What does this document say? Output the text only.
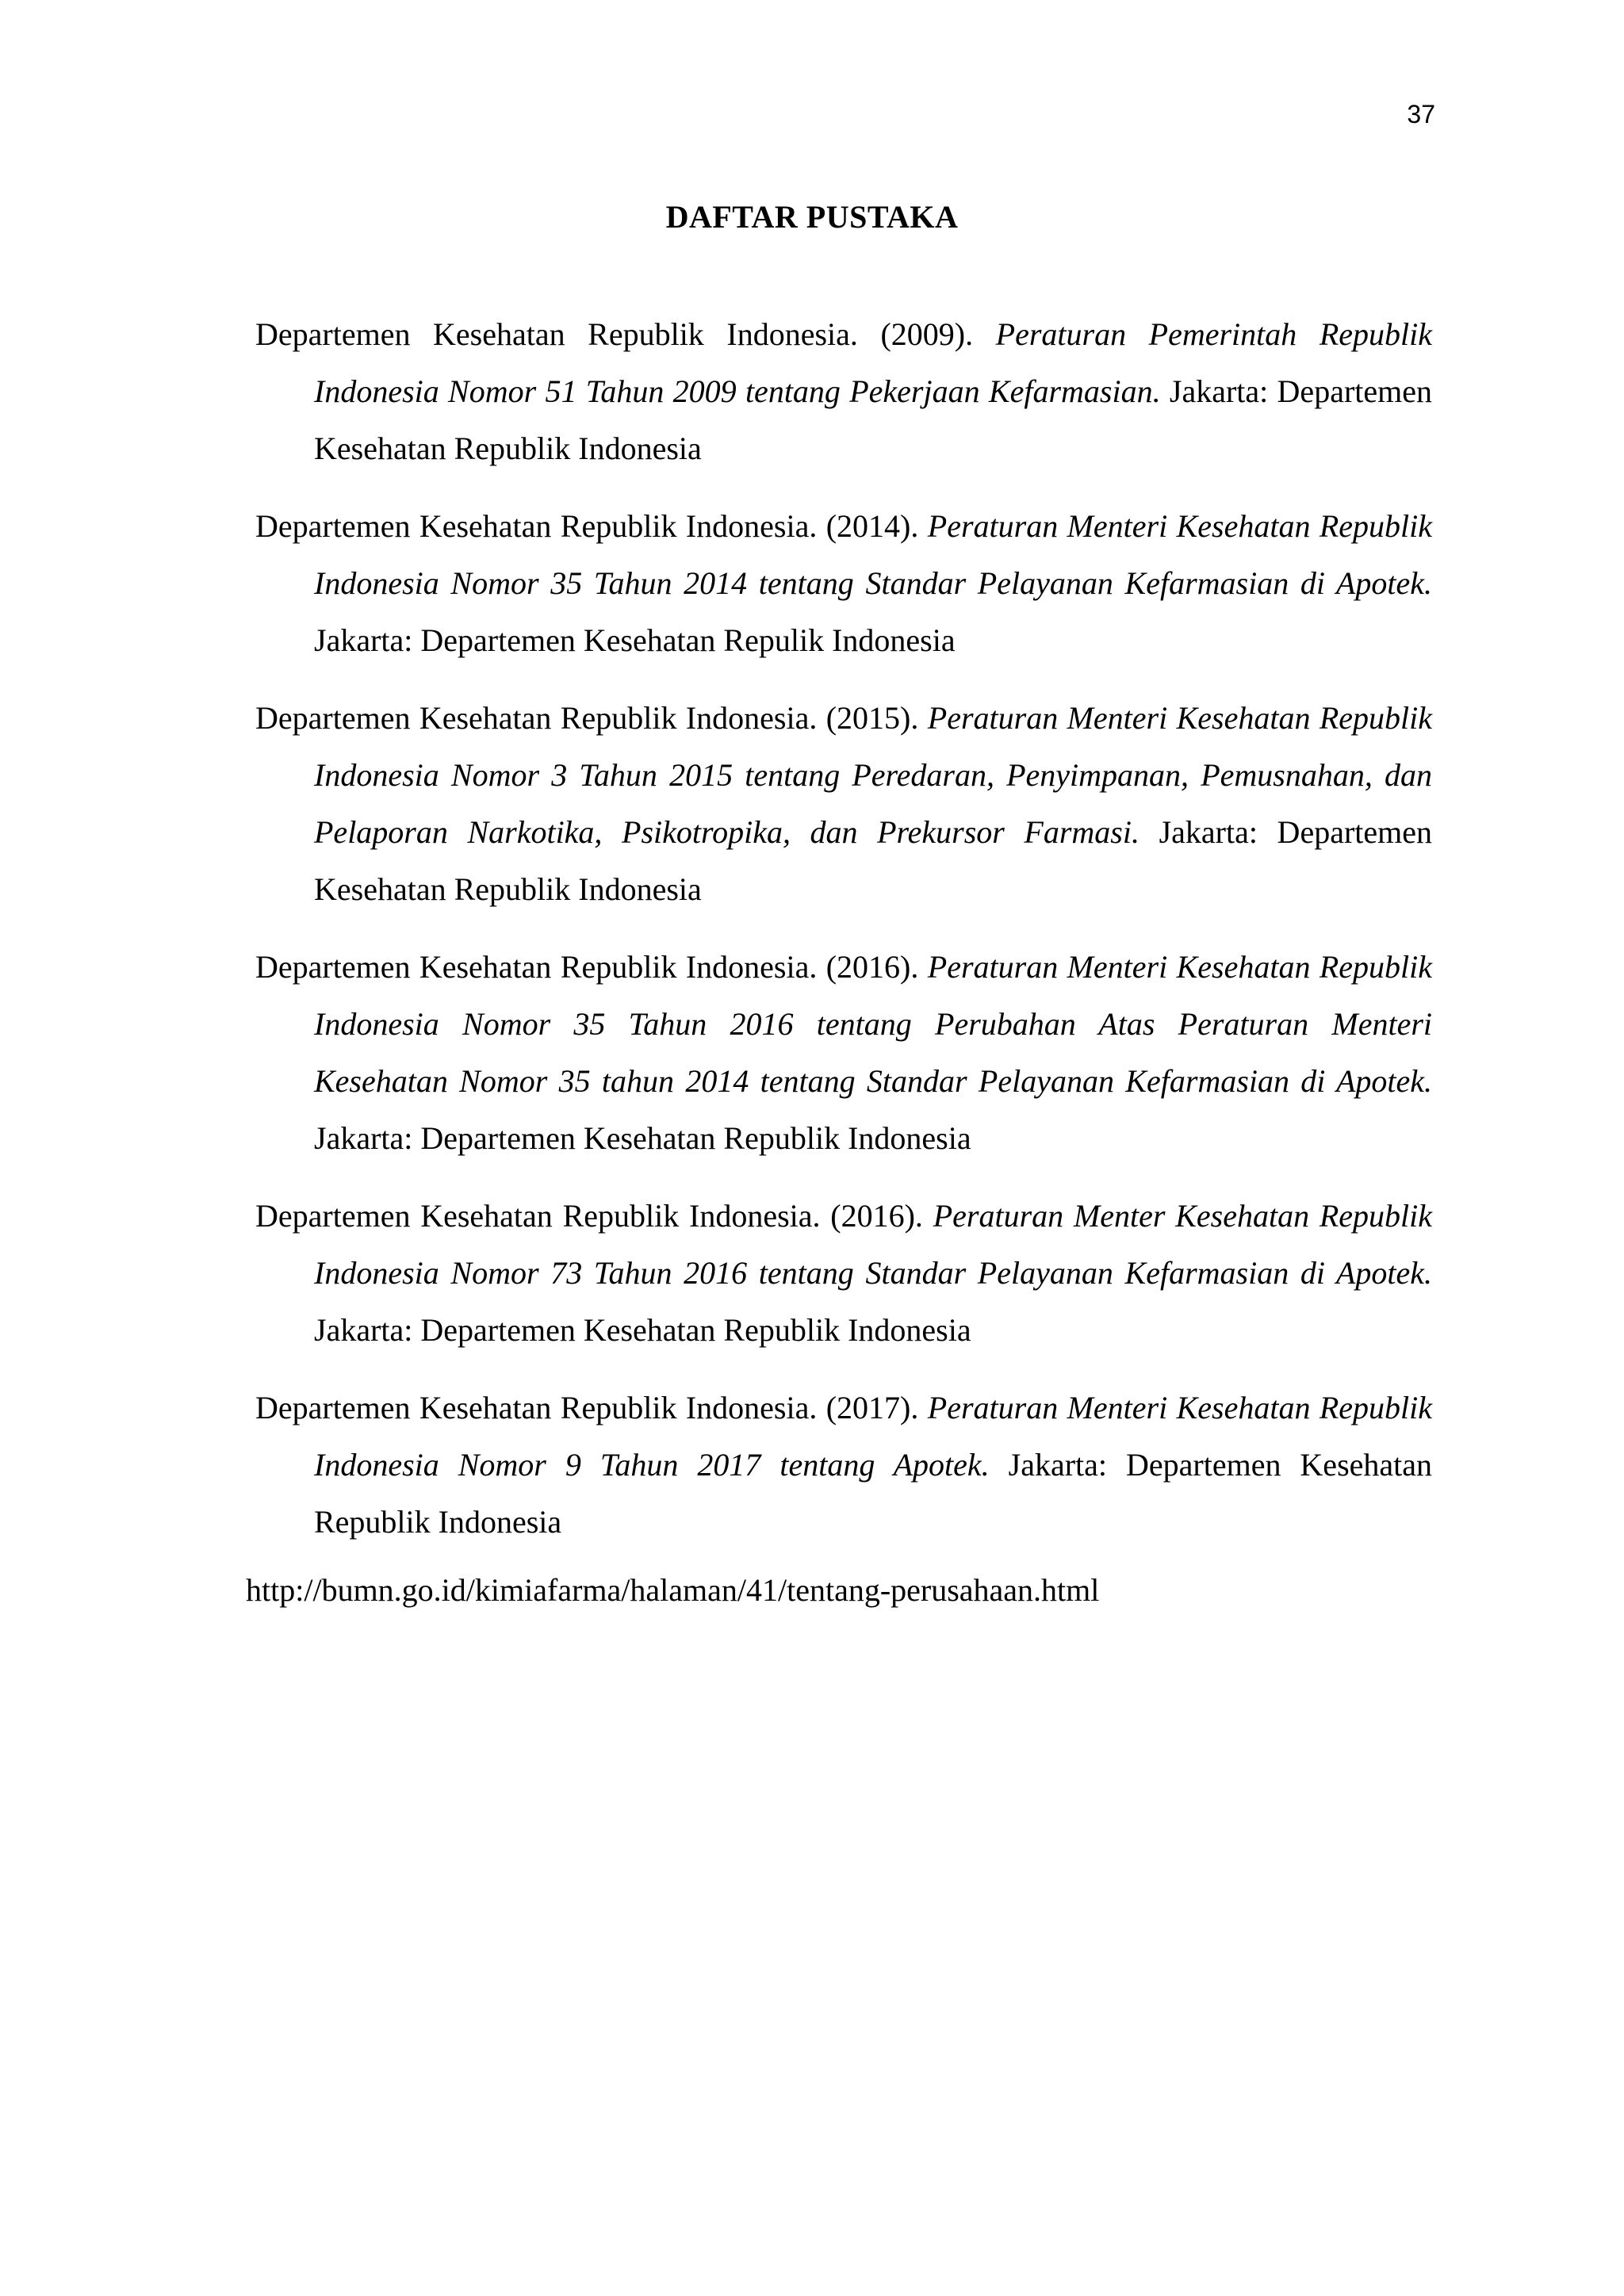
37
DAFTAR PUSTAKA

Departemen Kesehatan Republik Indonesia. (2009). Peraturan Pemerintah Republik Indonesia Nomor 51 Tahun 2009 tentang Pekerjaan Kefarmasian. Jakarta: Departemen Kesehatan Republik Indonesia

Departemen Kesehatan Republik Indonesia. (2014). Peraturan Menteri Kesehatan Republik Indonesia Nomor 35 Tahun 2014 tentang Standar Pelayanan Kefarmasian di Apotek. Jakarta: Departemen Kesehatan Repulik Indonesia

Departemen Kesehatan Republik Indonesia. (2015). Peraturan Menteri Kesehatan Republik Indonesia Nomor 3 Tahun 2015 tentang Peredaran, Penyimpanan, Pemusnahan, dan Pelaporan Narkotika, Psikotropika, dan Prekursor Farmasi. Jakarta: Departemen Kesehatan Republik Indonesia

Departemen Kesehatan Republik Indonesia. (2016). Peraturan Menteri Kesehatan Republik Indonesia Nomor 35 Tahun 2016 tentang Perubahan Atas Peraturan Menteri Kesehatan Nomor 35 tahun 2014 tentang Standar Pelayanan Kefarmasian di Apotek. Jakarta: Departemen Kesehatan Republik Indonesia

Departemen Kesehatan Republik Indonesia. (2016). Peraturan Menter Kesehatan Republik Indonesia Nomor 73 Tahun 2016 tentang Standar Pelayanan Kefarmasian di Apotek. Jakarta: Departemen Kesehatan Republik Indonesia

Departemen Kesehatan Republik Indonesia. (2017). Peraturan Menteri Kesehatan Republik Indonesia Nomor 9 Tahun 2017 tentang Apotek. Jakarta: Departemen Kesehatan Republik Indonesia

http://bumn.go.id/kimiafarma/halaman/41/tentang-perusahaan.html
